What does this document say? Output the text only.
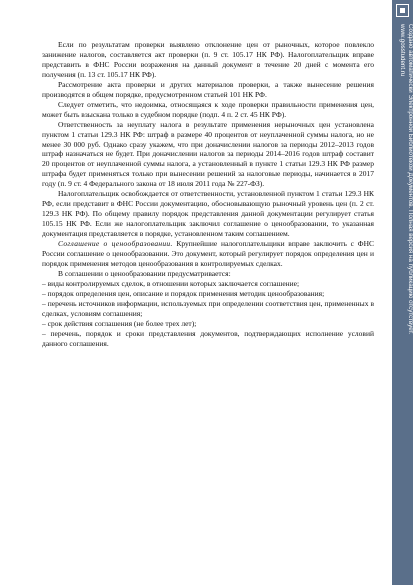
Если по результатам проверки выявлено отклонение цен от рыночных, которое повлекло занижение налогов, составляется акт проверки (п. 9 ст. 105.17 НК РФ). Налогоплательщик вправе представить в ФНС России возражения на данный документ в течение 20 дней с момента его получения (п. 13 ст. 105.17 НК РФ).

Рассмотрение акта проверки и других материалов проверки, а также вынесение решения производятся в общем порядке, предусмотренном статьей 101 НК РФ.

Следует отметить, что недоимка, относящаяся к ходе проверки правильности применения цен, может быть взыскана только в судебном порядке (подп. 4 п. 2 ст. 45 НК РФ).

Ответственность за неуплату налога в результате применения нерыночных цен установлена пунктом 1 статьи 129.3 НК РФ: штраф в размере 40 процентов от неуплаченной суммы налога, но не менее 30 000 руб. Однако сразу укажем, что при доначислении налогов за периоды 2012–2013 годов штраф назначаться не будет. При доначислении налогов за периоды 2014–2016 годов штраф составит 20 процентов от неуплаченной суммы налога, а установленный в пункте 1 статьи 129.3 НК РФ размер штрафа будет применяться только при вынесении решений за налоговые периоды, начинается в 2017 году (п. 9 ст. 4 Федерального закона от 18 июля 2011 года № 227-ФЗ).

Налогоплательщик освобождается от ответственности, установленной пунктом 1 статьи 129.3 НК РФ, если представит в ФНС России документацию, обосновывающую рыночный уровень цен (п. 2 ст. 129.3 НК РФ). По общему правилу порядок представления данной документации регулирует статья 105.15 НК РФ. Если же налогоплательщик заключил соглашение о ценообразовании, то указанная документация представляется в порядке, установленном таким соглашением.

Соглашение о ценообразовании. Крупнейшие налогоплательщики вправе заключить с ФНС России соглашение о ценообразовании. Это документ, который регулирует порядок определения цен и порядок применения методов ценообразования в контролируемых сделках.

В соглашении о ценообразовании предусматривается:

– виды контролируемых сделок, в отношении которых заключается соглашение;

– порядок определения цен, описание и порядок применения методик ценообразования;

– перечень источников информации, используемых при определении соответствия цен, примененных в сделках, условиям соглашения;

– срок действия соглашения (не более трех лет);

– перечень, порядок и сроки представления документов, подтверждающих исполнение условий данного соглашения.

Создано автоматически Электронной Библиотекой Документов. Полная версия на публикацию отсутствует.
www.gosstudent.ru
